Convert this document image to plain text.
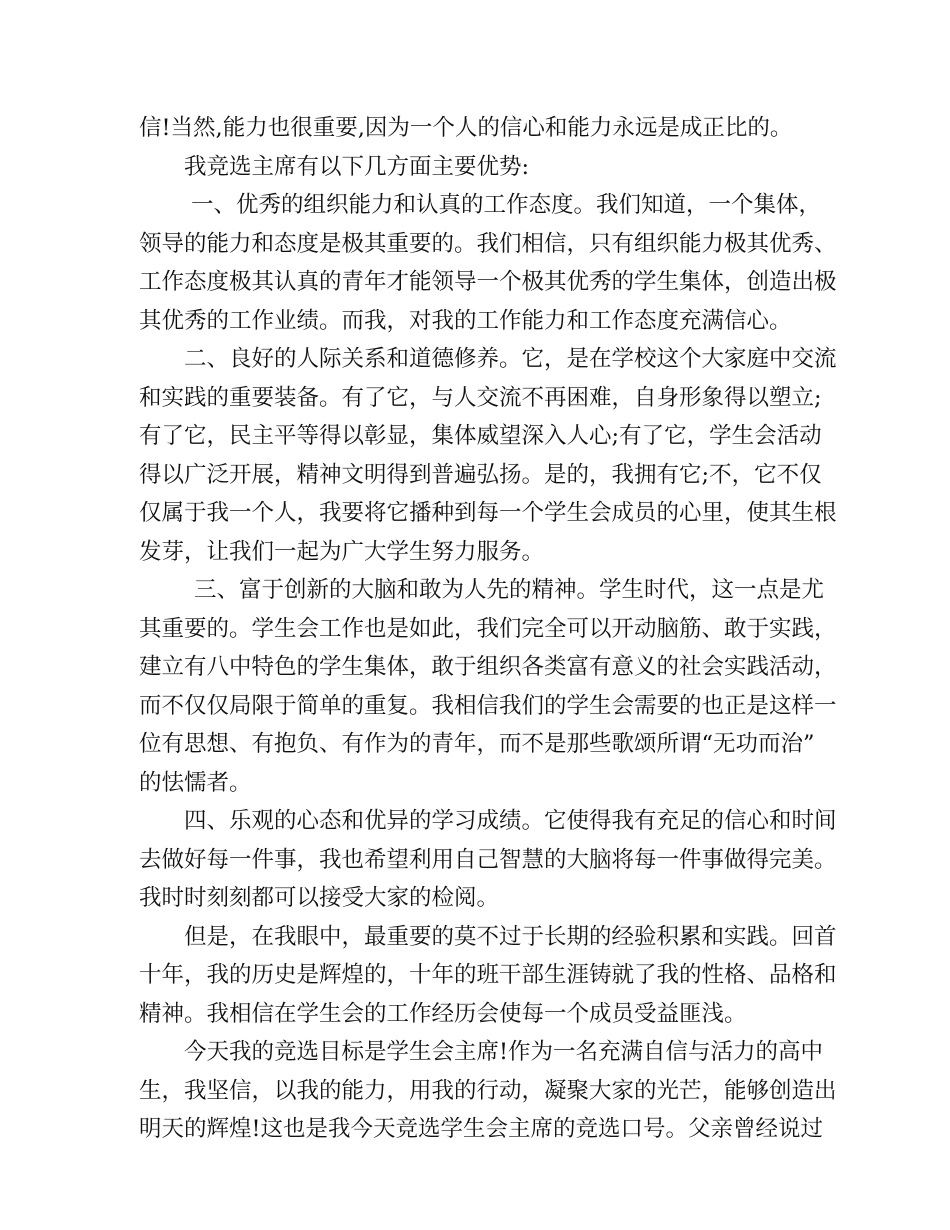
信!当然,能力也很重要,因为一个人的信心和能力永远是成正比的。
我竞选主席有以下几方面主要优势:
一、优秀的组织能力和认真的工作态度。我们知道，一个集体，
领导的能力和态度是极其重要的。我们相信，只有组织能力极其优秀、
工作态度极其认真的青年才能领导一个极其优秀的学生集体，创造出极
其优秀的工作业绩。而我，对我的工作能力和工作态度充满信心。
二、良好的人际关系和道德修养。它，是在学校这个大家庭中交流
和实践的重要装备。有了它，与人交流不再困难，自身形象得以塑立;
有了它，民主平等得以彰显，集体威望深入人心;有了它，学生会活动
得以广泛开展，精神文明得到普遍弘扬。是的，我拥有它;不，它不仅
仅属于我一个人，我要将它播种到每一个学生会成员的心里，使其生根
发芽，让我们一起为广大学生努力服务。
三、富于创新的大脑和敢为人先的精神。学生时代，这一点是尤
其重要的。学生会工作也是如此，我们完全可以开动脑筋、敢于实践，
建立有八中特色的学生集体，敢于组织各类富有意义的社会实践活动，
而不仅仅局限于简单的重复。我相信我们的学生会需要的也正是这样一
位有思想、有抱负、有作为的青年，而不是那些歌颂所谓“无功而治”
的怯懦者。
四、乐观的心态和优异的学习成绩。它使得我有充足的信心和时间
去做好每一件事，我也希望利用自己智慧的大脑将每一件事做得完美。
我时时刻刻都可以接受大家的检阅。
但是，在我眼中，最重要的莫不过于长期的经验积累和实践。回首
十年，我的历史是辉煌的，十年的班干部生涯铸就了我的性格、品格和
精神。我相信在学生会的工作经历会使每一个成员受益匪浅。
今天我的竞选目标是学生会主席!作为一名充满自信与活力的高中
生，我坚信，以我的能力，用我的行动，凝聚大家的光芒，能够创造出
明天的辉煌!这也是我今天竞选学生会主席的竞选口号。父亲曾经说过
